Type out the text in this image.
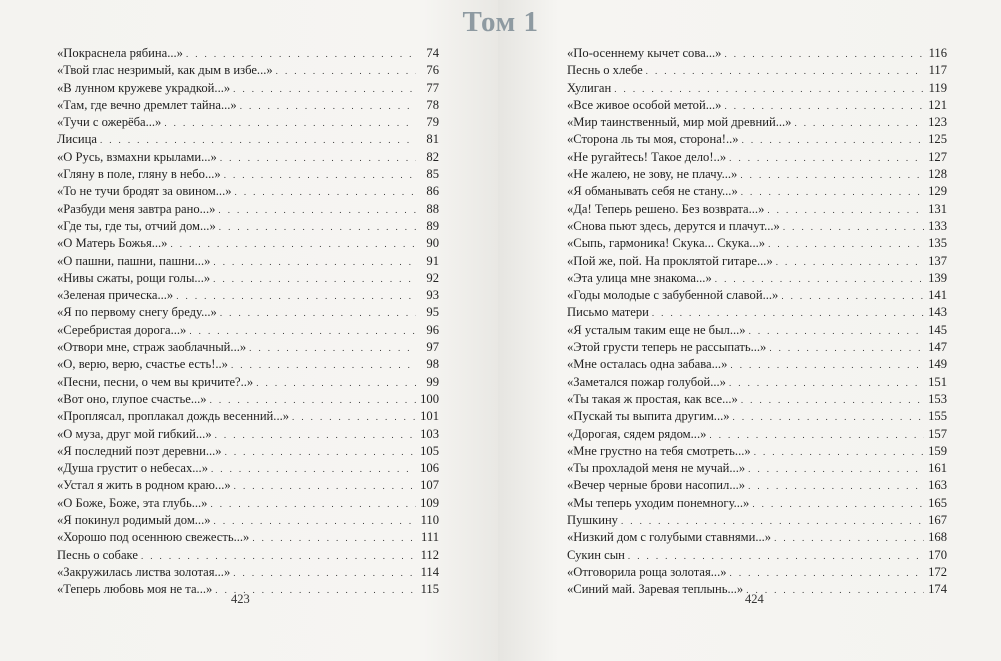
Том 1
«Покраснела рябина...» . . .	74
«Твой глас незримый, как дым в избе...» . . .	76
«В лунном кружеве украдкой...» . . .	77
«Там, где вечно дремлет тайна...» . . .	78
«Тучи с ожерёба...» . . .	79
Лисица . . .	81
«О Русь, взмахни крылами...» . . .	82
«Гляну в поле, гляну в небо...» . . .	85
«То не тучи бродят за овином...» . . .	86
«Разбуди меня завтра рано...» . . .	88
«Где ты, где ты, отчий дом...» . . .	89
«О Матерь Божья...» . . .	90
«О пашни, пашни, пашни...» . . .	91
«Нивы сжаты, рощи голы...» . . .	92
«Зеленая прическа...» . . .	93
«Я по первому снегу бреду...» . . .	95
«Серебристая дорога...» . . .	96
«Отвори мне, страж заоблачный...» . . .	97
«О, верю, верю, счастье есть!..» . . .	98
«Песни, песни, о чем вы кричите?..» . . .	99
«Вот оно, глупое счастье...» . . .	100
«Проплясал, проплакал дождь весенний...» . . .	101
«О муза, друг мой гибкий...» . . .	103
«Я последний поэт деревни...» . . .	105
«Душа грустит о небесах...» . . .	106
«Устал я жить в родном краю...» . . .	107
«О Боже, Боже, эта глубь...» . . .	109
«Я покинул родимый дом...» . . .	110
«Хорошо под осеннюю свежесть...» . . .	111
Песнь о собаке . . .	112
«Закружилась листва золотая...» . . .	114
«Теперь любовь моя не та...» . . .	115
«По-осеннему кычет сова...» . . .	116
Песнь о хлебе . . .	117
Хулиган . . .	119
«Все живое особой метой...» . . .	121
«Мир таинственный, мир мой древний...» . . .	123
«Сторона ль ты моя, сторона!..» . . .	125
«Не ругайтесь! Такое дело!..» . . .	127
«Не жалею, не зову, не плачу...» . . .	128
«Я обманывать себя не стану...» . . .	129
«Да! Теперь решено. Без возврата...» . . .	131
«Снова пьют здесь, дерутся и плачут...» . . .	133
«Сыпь, гармоника! Скука... Скука...» . . .	135
«Пой же, пой. На проклятой гитаре...» . . .	137
«Эта улица мне знакома...» . . .	139
«Годы молодые с забубенной славой...» . . .	141
Письмо матери . . .	143
«Я усталым таким еще не был...» . . .	145
«Этой грусти теперь не рассыпать...» . . .	147
«Мне осталась одна забава...» . . .	149
«Заметался пожар голубой...» . . .	151
«Ты такая ж простая, как все...» . . .	153
«Пускай ты выпита другим...» . . .	155
«Дорогая, сядем рядом...» . . .	157
«Мне грустно на тебя смотреть...» . . .	159
«Ты прохладой меня не мучай...» . . .	161
«Вечер черные брови насопил...» . . .	163
«Мы теперь уходим понемногу...» . . .	165
Пушкину . . .	167
«Низкий дом с голубыми ставнями...» . . .	168
Сукин сын . . .	170
«Отговорила роща золотая...» . . .	172
«Синий май. Заревая теплынь...» . . .	174
423	424
